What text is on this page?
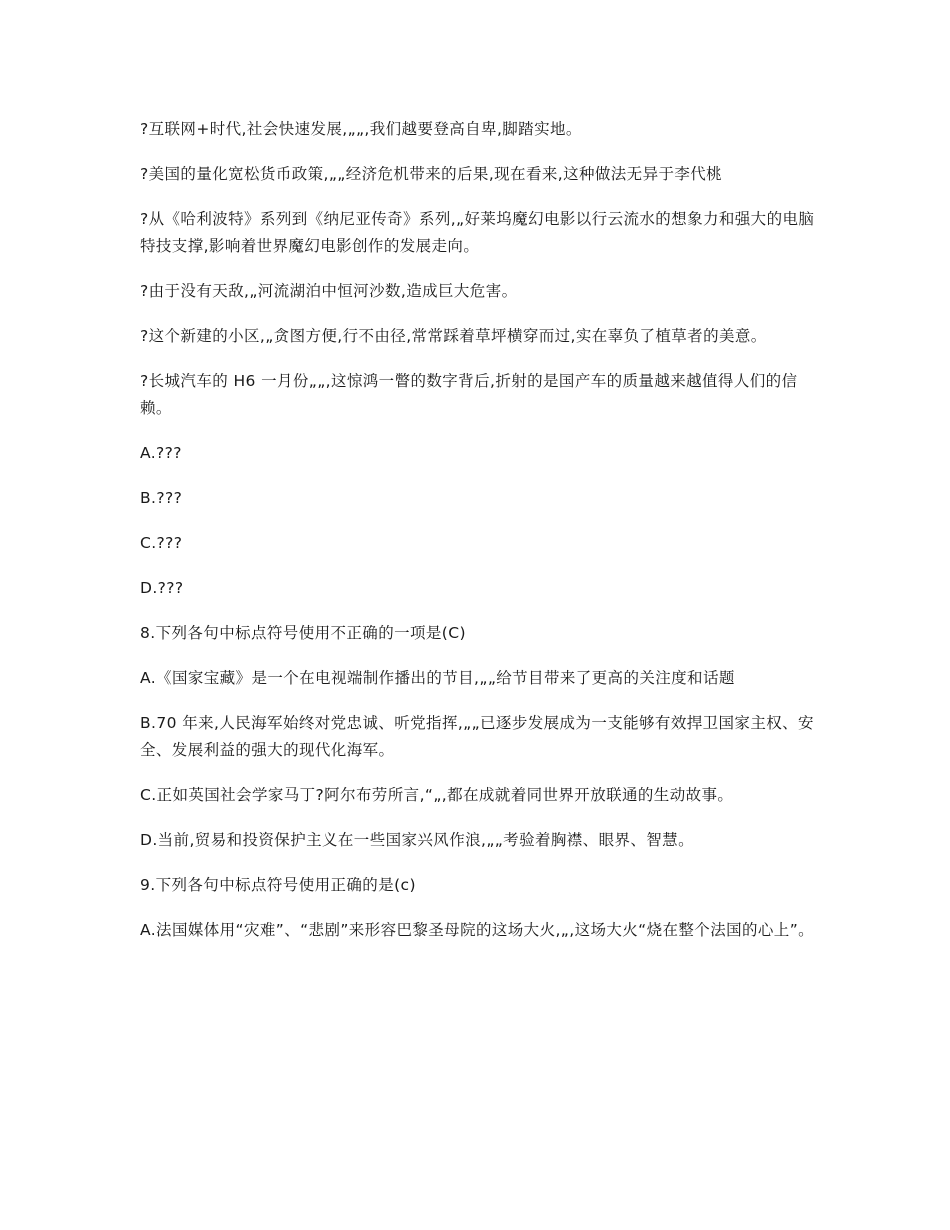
?互联网+时代,社会快速发展,„„,我们越要登高自卑,脚踏实地。

?美国的量化宽松货币政策,„„经济危机带来的后果,现在看来,这种做法无异于李代桃

?从《哈利波特》系列到《纳尼亚传奇》系列,„好莱坞魔幻电影以行云流水的想象力和强大的电脑特技支撑,影响着世界魔幻电影创作的发展走向。

?由于没有天敌,„河流湖泊中恒河沙数,造成巨大危害。

?这个新建的小区,„贪图方便,行不由径,常常踩着草坪横穿而过,实在辜负了植草者的美意。

?长城汽车的 H6 一月份„„,这惊鸿一瞥的数字背后,折射的是国产车的质量越来越值得人们的信赖。

A.???

B.???

C.???

D.???

8.下列各句中标点符号使用不正确的一项是(C)

A.《国家宝藏》是一个在电视端制作播出的节目,„„给节目带来了更高的关注度和话题

B.70 年来,人民海军始终对党忠诚、听党指挥,„„已逐步发展成为一支能够有效捍卫国家主权、安全、发展利益的强大的现代化海军。

C.正如英国社会学家马丁?阿尔布劳所言,“„,都在成就着同世界开放联通的生动故事。

D.当前,贸易和投资保护主义在一些国家兴风作浪,„„考验着胸襟、眼界、智慧。

9.下列各句中标点符号使用正确的是(c)

A.法国媒体用“灾难”、“悲剧”来形容巴黎圣母院的这场大火,„,这场大火“烧在整个法国的心上”。
